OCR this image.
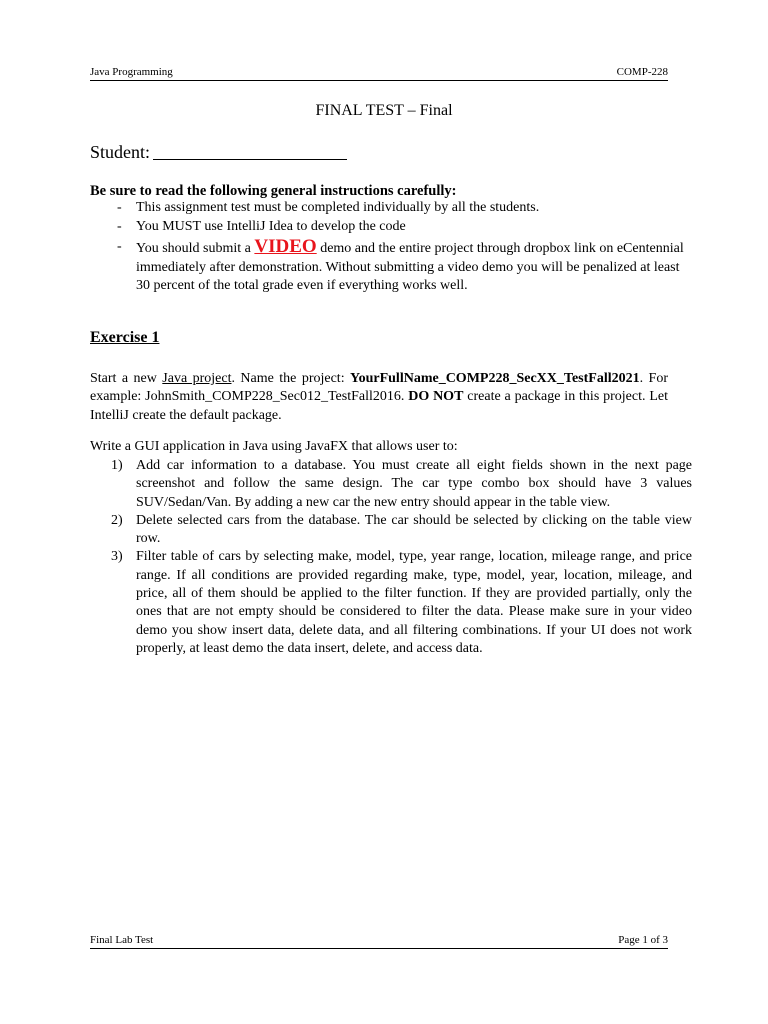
Java Programming	COMP-228
FINAL TEST – Final
Student:
Be sure to read the following general instructions carefully:
- This assignment test must be completed individually by all the students.
- You MUST use IntelliJ Idea to develop the code
- You should submit a VIDEO demo and the entire project through dropbox link on eCentennial immediately after demonstration. Without submitting a video demo you will be penalized at least 30 percent of the total grade even if everything works well.
Exercise 1

Start a new Java project. Name the project: YourFullName_COMP228_SecXX_TestFall2021. For example: JohnSmith_COMP228_Sec012_TestFall2016. DO NOT create a package in this project. Let IntelliJ create the default package.

Write a GUI application in Java using JavaFX that allows user to:

1) Add car information to a database. You must create all eight fields shown in the next page screenshot and follow the same design. The car type combo box should have 3 values SUV/Sedan/Van. By adding a new car the new entry should appear in the table view.
2) Delete selected cars from the database. The car should be selected by clicking on the table view row.
3) Filter table of cars by selecting make, model, type, year range, location, mileage range, and price range. If all conditions are provided regarding make, type, model, year, location, mileage, and price, all of them should be applied to the filter function. If they are provided partially, only the ones that are not empty should be considered to filter the data. Please make sure in your video demo you show insert data, delete data, and all filtering combinations. If your UI does not work properly, at least demo the data insert, delete, and access data.
Final Lab Test	Page 1 of 3
